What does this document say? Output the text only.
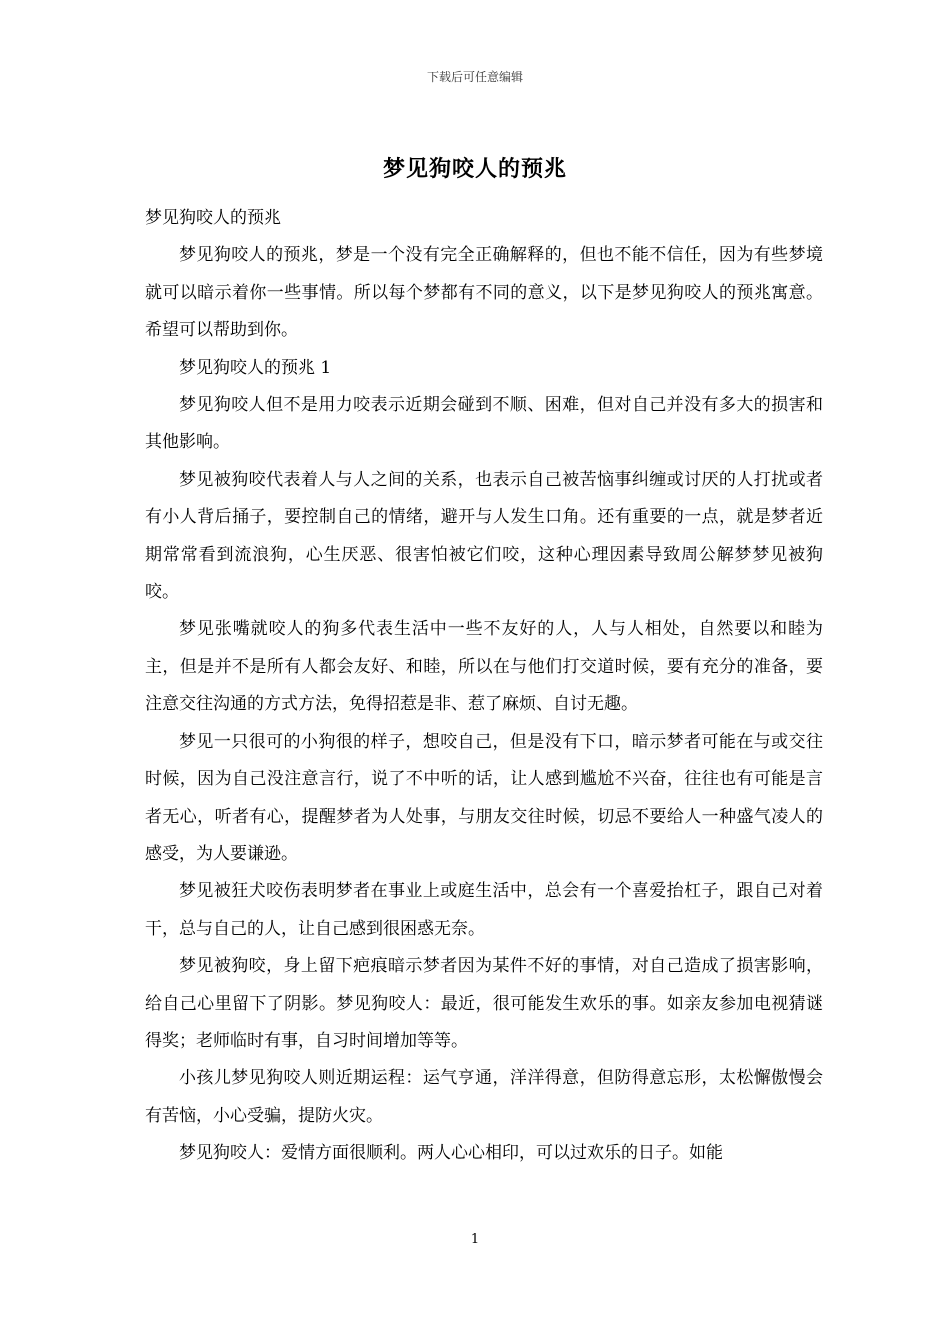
下载后可任意编辑
梦见狗咬人的预兆

梦见狗咬人的预兆

梦见狗咬人的预兆，梦是一个没有完全正确解释的，但也不能不信任，因为有些梦境就可以暗示着你一些事情。所以每个梦都有不同的意义，以下是梦见狗咬人的预兆寓意。希望可以帮助到你。

梦见狗咬人的预兆 1

梦见狗咬人但不是用力咬表示近期会碰到不顺、困难，但对自己并没有多大的损害和其他影响。

梦见被狗咬代表着人与人之间的关系，也表示自己被苦恼事纠缠或讨厌的人打扰或者有小人背后捅子，要控制自己的情绪，避开与人发生口角。还有重要的一点，就是梦者近期常常看到流浪狗，心生厌恶、很害怕被它们咬，这种心理因素导致周公解梦梦见被狗咬。

梦见张嘴就咬人的狗多代表生活中一些不友好的人，人与人相处，自然要以和睦为主，但是并不是所有人都会友好、和睦，所以在与他们打交道时候，要有充分的准备，要注意交往沟通的方式方法，免得招惹是非、惹了麻烦、自讨无趣。

梦见一只很可的小狗很的样子，想咬自己，但是没有下口，暗示梦者可能在与或交往时候，因为自己没注意言行，说了不中听的话，让人感到尴尬不兴奋，往往也有可能是言者无心，听者有心，提醒梦者为人处事，与朋友交往时候，切忌不要给人一种盛气凌人的感受，为人要谦逊。

梦见被狂犬咬伤表明梦者在事业上或庭生活中，总会有一个喜爱抬杠子，跟自己对着干，总与自己的人，让自己感到很困惑无奈。

梦见被狗咬，身上留下疤痕暗示梦者因为某件不好的事情，对自己造成了损害影响，给自己心里留下了阴影。梦见狗咬人：最近，很可能发生欢乐的事。如亲友参加电视猜谜得奖；老师临时有事，自习时间增加等等。

小孩儿梦见狗咬人则近期运程：运气亨通，洋洋得意，但防得意忘形，太松懈傲慢会有苦恼，小心受骗，提防火灾。

梦见狗咬人：爱情方面很顺利。两人心心相印，可以过欢乐的日子。如能

1
